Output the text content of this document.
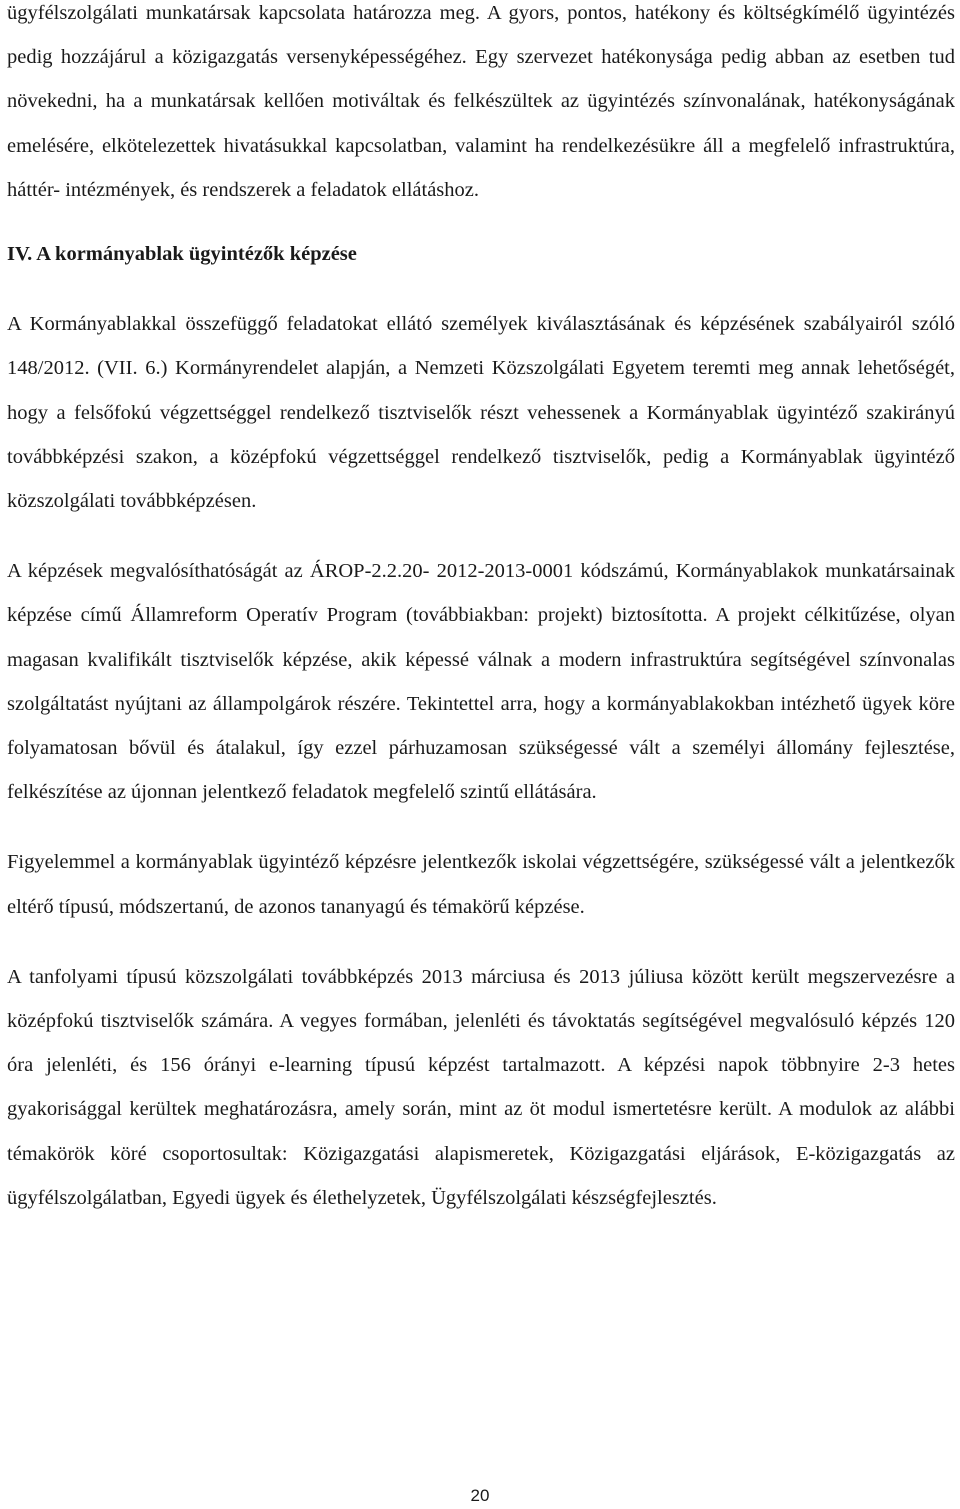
ügyfélszolgálati munkatársak kapcsolata határozza meg. A gyors, pontos, hatékony és költségkímélő ügyintézés pedig hozzájárul a közigazgatás versenyképességéhez. Egy szervezet hatékonysága pedig abban az esetben tud növekedni, ha a munkatársak kellően motiváltak és felkészültek az ügyintézés színvonalának, hatékonyságának emelésére, elkötelezettek hivatásukkal kapcsolatban, valamint ha rendelkezésükre áll a megfelelő infrastruktúra, háttér- intézmények, és rendszerek a feladatok ellátáshoz.

IV. A kormányablak ügyintézők képzése

A Kormányablakkal összefüggő feladatokat ellátó személyek kiválasztásának és képzésének szabályairól szóló 148/2012. (VII. 6.) Kormányrendelet alapján, a Nemzeti Közszolgálati Egyetem teremti meg annak lehetőségét, hogy a felsőfokú végzettséggel rendelkező tisztviselők részt vehessenek a Kormányablak ügyintéző szakirányú továbbképzési szakon, a középfokú végzettséggel rendelkező tisztviselők, pedig a Kormányablak ügyintéző közszolgálati továbbképzésen.

A képzések megvalósíthatóságát az ÁROP-2.2.20- 2012-2013-0001 kódszámú, Kormányablakok munkatársainak képzése című Államreform Operatív Program (továbbiakban: projekt) biztosította. A projekt célkitűzése, olyan magasan kvalifikált tisztviselők képzése, akik képessé válnak a modern infrastruktúra segítségével színvonalas szolgáltatást nyújtani az állampolgárok részére. Tekintettel arra, hogy a kormányablakokban intézhető ügyek köre folyamatosan bővül és átalakul, így ezzel párhuzamosan szükségessé vált a személyi állomány fejlesztése, felkészítése az újonnan jelentkező feladatok megfelelő szintű ellátására.

Figyelemmel a kormányablak ügyintéző képzésre jelentkezők iskolai végzettségére, szükségessé vált a jelentkezők eltérő típusú, módszertanú, de azonos tananyagú és témakörű képzése.

A tanfolyami típusú közszolgálati továbbképzés 2013 márciusa és 2013 júliusa között került megszervezésre a középfokú tisztviselők számára. A vegyes formában, jelenléti és távoktatás segítségével megvalósuló képzés 120 óra jelenléti, és 156 órányi e-learning típusú képzést tartalmazott. A képzési napok többnyire 2-3 hetes gyakorisággal kerültek meghatározásra, amely során, mint az öt modul ismertetésre került. A modulok az alábbi témakörök köré csoportosultak: Közigazgatási alapismeretek, Közigazgatási eljárások, E-közigazgatás az ügyfélszolgálatban, Egyedi ügyek és élethelyzetek, Ügyfélszolgálati készségfejlesztés.

20
